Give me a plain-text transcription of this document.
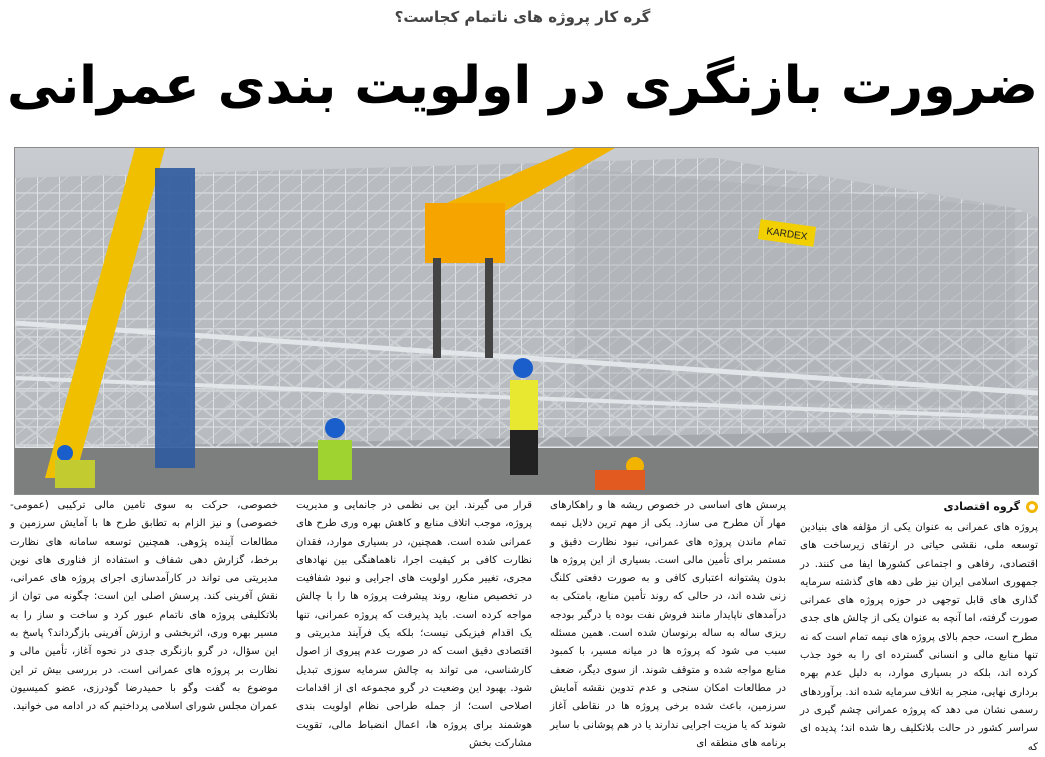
گره کار پروژه های ناتمام کجاست؟
ضرورت بازنگری در اولویت بندی عمرانی
KARDEX
گروه اقتصادی

پروژه های عمرانی به عنوان یکی از مؤلفه های بنیادین توسعه ملی، نقشی حیاتی در ارتقای زیرساخت های اقتصادی، رفاهی و اجتماعی کشورها ایفا می کنند. در جمهوری اسلامی ایران نیز طی دهه های گذشته سرمایه گذاری های قابل توجهی در حوزه پروژه های عمرانی صورت گرفته، اما آنچه به عنوان یکی از چالش های جدی مطرح است، حجم بالای پروژه های نیمه تمام است که نه تنها منابع مالی و انسانی گسترده ای را به خود جذب کرده اند، بلکه در بسیاری موارد، به دلیل عدم بهره برداری نهایی، منجر به اتلاف سرمایه شده اند. برآوردهای رسمی نشان می دهد که پروژه عمرانی چشم گیری در سراسر کشور در حالت بلاتکلیف رها شده اند؛ پدیده ای که

پرسش های اساسی در خصوص ریشه ها و راهکارهای مهار آن مطرح می سازد. یکی از مهم ترین دلایل نیمه تمام ماندن پروژه های عمرانی، نبود نظارت دقیق و مستمر برای تأمین مالی است. بسیاری از این پروژه ها بدون پشتوانه اعتباری کافی و به صورت دفعتی کلنگ زنی شده اند، در حالی که روند تأمین منابع، بامتکی به درآمدهای ناپایدار مانند فروش نفت بوده یا درگیر بودجه ریزی ساله به ساله برنوسان شده است. همین مسئله سبب می شود که پروژه ها در میانه مسیر، با کمبود منابع مواجه شده و متوقف شوند. از سوی دیگر، ضعف در مطالعات امکان سنجی و عدم تدوین نقشه آمایش سرزمین، باعث شده برخی پروژه ها در نقاطی آغاز شوند که یا مزیت اجرایی ندارند یا در هم پوشانی با سایر برنامه های منطقه ای

قرار می گیرند. این بی نظمی در جانمایی و مدیریت پروژه، موجب اتلاف منابع و کاهش بهره وری طرح های عمرانی شده است. همچنین، در بسیاری موارد، فقدان نظارت کافی بر کیفیت اجرا، ناهماهنگی بین نهادهای مجری، تغییر مکرر اولویت های اجرایی و نبود شفافیت در تخصیص منابع، روند پیشرفت پروژه ها را با چالش مواجه کرده است. باید پذیرفت که پروژه عمرانی، تنها یک اقدام فیزیکی نیست؛ بلکه یک فرآیند مدیریتی و اقتصادی دقیق است که در صورت عدم پیروی از اصول کارشناسی، می تواند به چالش سرمایه سوزی تبدیل شود. بهبود این وضعیت در گرو مجموعه ای از اقدامات اصلاحی است؛ از جمله طراحی نظام اولویت بندی هوشمند برای پروژه ها، اعمال انضباط مالی، تقویت مشارکت بخش

خصوصی، حرکت به سوی تامین مالی ترکیبی (عمومی-خصوصی) و نیز الزام به تطابق طرح ها با آمایش سرزمین و مطالعات آینده پژوهی. همچنین توسعه سامانه های نظارت برخط، گزارش دهی شفاف و استفاده از فناوری های نوین مدیریتی می تواند در کارآمدسازی اجرای پروژه های عمرانی، نقش آفرینی کند. پرسش اصلی این است: چگونه می توان از بلاتکلیفی پروژه های ناتمام عبور کرد و ساخت و ساز را به مسیر بهره وری، اثربخشی و ارزش آفرینی بازگرداند؟ پاسخ به این سؤال، در گرو بازنگری جدی در نحوه آغاز، تأمین مالی و نظارت بر پروژه های عمرانی است. در بررسی بیش تر این موضوع به گفت وگو با حمیدرضا گودرزی، عضو کمیسیون عمران مجلس شورای اسلامی پرداختیم که در ادامه می خوانید.
